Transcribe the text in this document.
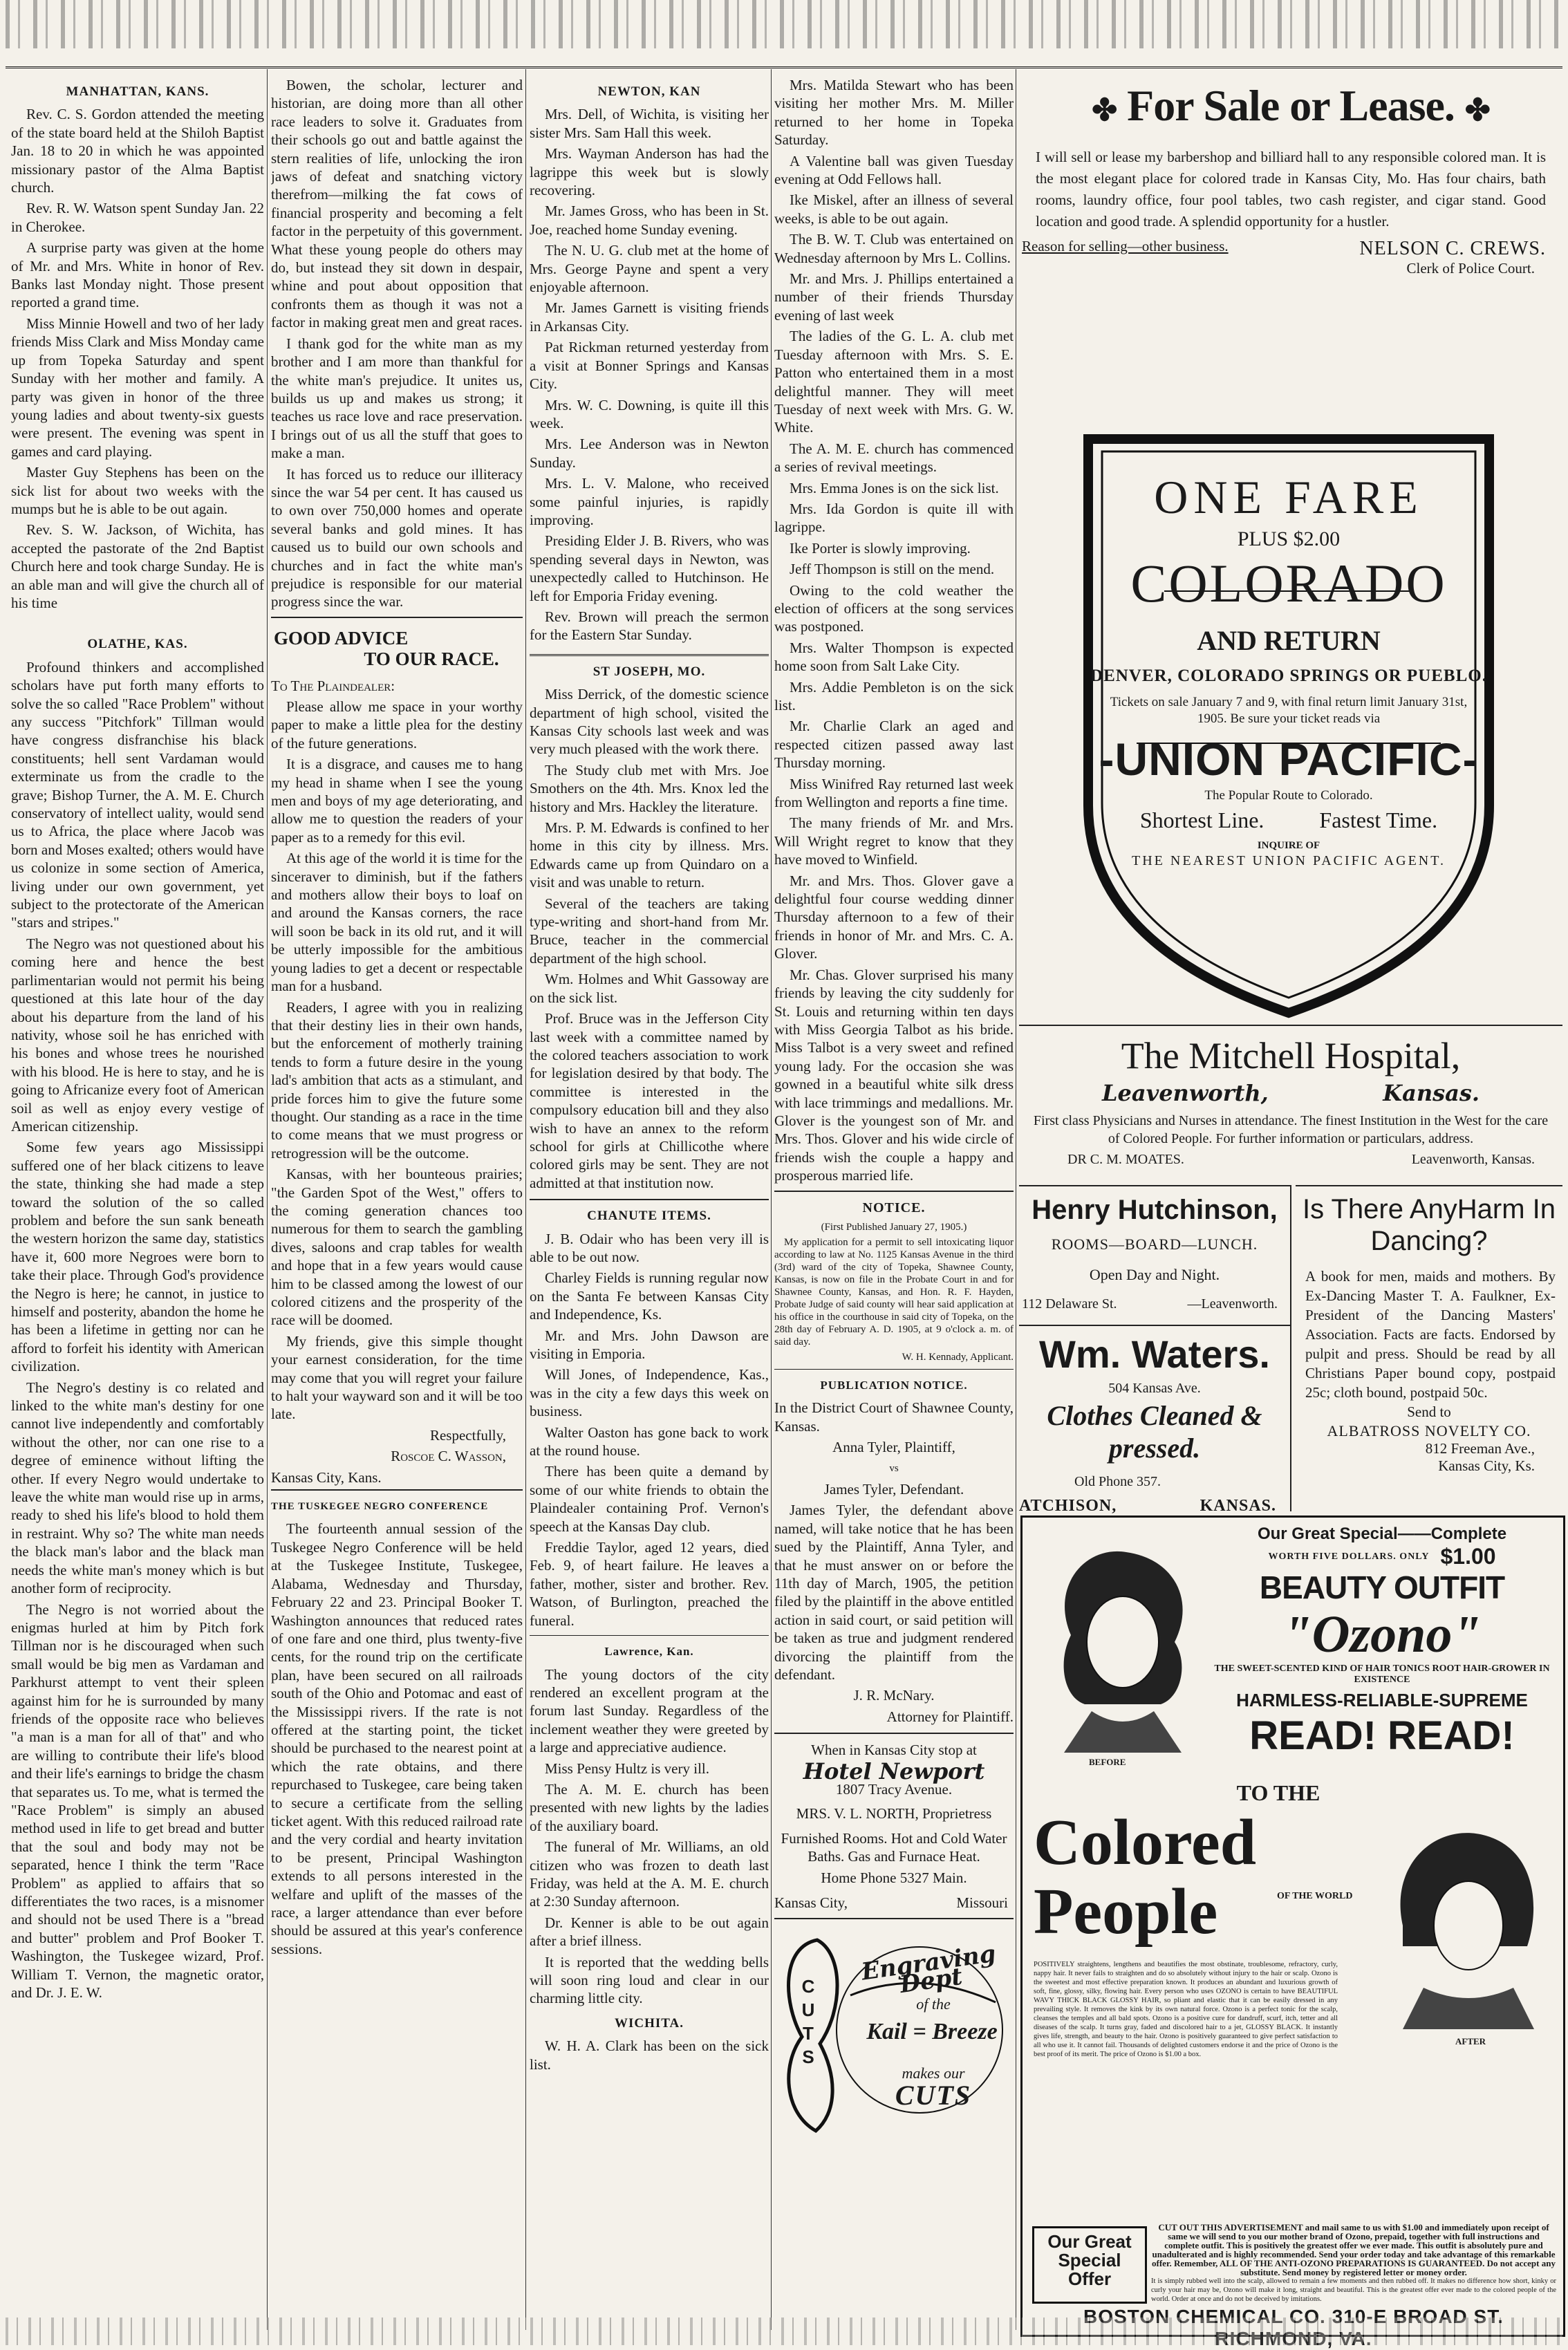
MANHATTAN, KANS.

Rev. C. S. Gordon attended the meeting of the state board held at the Shiloh Baptist Jan. 18 to 20 in which he was appointed missionary pastor of the Alma Baptist church.

Rev. R. W. Watson spent Sunday Jan. 22 in Cherokee.

A surprise party was given at the home of Mr. and Mrs. White in honor of Rev. Banks last Monday night. Those present reported a grand time.

Miss Minnie Howell and two of her lady friends Miss Clark and Miss Monday came up from Topeka Saturday and spent Sunday with her mother and family. A party was given in honor of the three young ladies and about twenty-six guests were present. The evening was spent in games and card playing.

Master Guy Stephens has been on the sick list for about two weeks with the mumps but he is able to be out again.

Rev. S. W. Jackson, of Wichita, has accepted the pastorate of the 2nd Baptist Church here and took charge Sunday. He is an able man and will give the church all of his time

OLATHE, KAS.

Profound thinkers and accomplished scholars have put forth many efforts to solve the so called "Race Problem" without any success "Pitchfork" Tillman would have congress disfranchise his black constituents; hell sent Vardaman would exterminate us from the cradle to the grave; Bishop Turner, the A. M. E. Church conservatory of intellect uality, would send us to Africa, the place where Jacob was born and Moses exalted; others would have us colonize in some section of America, living under our own government, yet subject to the protectorate of the American "stars and stripes."

The Negro was not questioned about his coming here and hence the best parlimentarian would not permit his being questioned at this late hour of the day about his departure from the land of his nativity, whose soil he has enriched with his bones and whose trees he nourished with his blood. He is here to stay, and he is going to Africanize every foot of American soil as well as enjoy every vestige of American citizenship.

Some few years ago Mississippi suffered one of her black citizens to leave the state, thinking she had made a step toward the solution of the so called problem and before the sun sank beneath the western horizon the same day, statistics have it, 600 more Negroes were born to take their place. Through God's providence the Negro is here; he cannot, in justice to himself and posterity, abandon the home he has been a lifetime in getting nor can he afford to forfeit his identity with American civilization.

The Negro's destiny is co related and linked to the white man's destiny for one cannot live independently and comfortably without the other, nor can one rise to a degree of eminence without lifting the other. If every Negro would undertake to leave the white man would rise up in arms, ready to shed his life's blood to hold them in restraint. Why so? The white man needs the black man's labor and the black man needs the white man's money which is but another form of reciprocity.

The Negro is not worried about the enigmas hurled at him by Pitch fork Tillman nor is he discouraged when such small would be big men as Vardaman and Parkhurst attempt to vent their spleen against him for he is surrounded by many friends of the opposite race who believes "a man is a man for all of that" and who are willing to contribute their life's blood and their life's earnings to bridge the chasm that separates us. To me, what is termed the "Race Problem" is simply an abused method used in life to get bread and butter that the soul and body may not be separated, hence I think the term "Race Problem" as applied to affairs that so differentiates the two races, is a misnomer and should not be used There is a "bread and butter" problem and Prof Booker T. Washington, the Tuskegee wizard, Prof. William T. Vernon, the magnetic orator, and Dr. J. E. W.

Bowen, the scholar, lecturer and historian, are doing more than all other race leaders to solve it. Graduates from their schools go out and battle against the stern realities of life, unlocking the iron jaws of defeat and snatching victory therefrom—milking the fat cows of financial prosperity and becoming a felt factor in the perpetuity of this government. What these young people do others may do, but instead they sit down in despair, whine and pout about opposition that confronts them as though it was not a factor in making great men and great races.

I thank god for the white man as my brother and I am more than thankful for the white man's prejudice. It unites us, builds us up and makes us strong; it teaches us race love and race preservation. I brings out of us all the stuff that goes to make a man.

It has forced us to reduce our illiteracy since the war 54 per cent. It has caused us to own over 750,000 homes and operate several banks and gold mines. It has caused us to build our own schools and churches and in fact the white man's prejudice is responsible for our material progress since the war.

GOOD ADVICE
TO OUR RACE.

To The Plaindealer:

Please allow me space in your worthy paper to make a little plea for the destiny of the future generations.

It is a disgrace, and causes me to hang my head in shame when I see the young men and boys of my age deteriorating, and allow me to question the readers of your paper as to a remedy for this evil.

At this age of the world it is time for the sinceraver to diminish, but if the fathers and mothers allow their boys to loaf on and around the Kansas corners, the race will soon be back in its old rut, and it will be utterly impossible for the ambitious young ladies to get a decent or respectable man for a husband.

Readers, I agree with you in realizing that their destiny lies in their own hands, but the enforcement of motherly training tends to form a future desire in the young lad's ambition that acts as a stimulant, and pride forces him to give the future some thought. Our standing as a race in the time to come means that we must progress or retrogression will be the outcome.

Kansas, with her bounteous prairies; "the Garden Spot of the West," offers to the coming generation chances too numerous for them to search the gambling dives, saloons and crap tables for wealth and hope that in a few years would cause him to be classed among the lowest of our colored citizens and the prosperity of the race will be doomed.

My friends, give this simple thought your earnest consideration, for the time may come that you will regret your failure to halt your wayward son and it will be too late.

Respectfully,

Roscoe C. Wasson,

Kansas City, Kans.

THE TUSKEGEE NEGRO CONFERENCE

The fourteenth annual session of the Tuskegee Negro Conference will be held at the Tuskegee Institute, Tuskegee, Alabama, Wednesday and Thursday, February 22 and 23. Principal Booker T. Washington announces that reduced rates of one fare and one third, plus twenty-five cents, for the round trip on the certificate plan, have been secured on all railroads south of the Ohio and Potomac and east of the Mississippi rivers. If the rate is not offered at the starting point, the ticket should be purchased to the nearest point at which the rate obtains, and there repurchased to Tuskegee, care being taken to secure a certificate from the selling ticket agent. With this reduced railroad rate and the very cordial and hearty invitation to be present, Principal Washington extends to all persons interested in the welfare and uplift of the masses of the race, a larger attendance than ever before should be assured at this year's conference sessions.

NEWTON, KAN

Mrs. Dell, of Wichita, is visiting her sister Mrs. Sam Hall this week.

Mrs. Wayman Anderson has had the lagrippe this week but is slowly recovering.

Mr. James Gross, who has been in St. Joe, reached home Sunday evening.

The N. U. G. club met at the home of Mrs. George Payne and spent a very enjoyable afternoon.

Mr. James Garnett is visiting friends in Arkansas City.

Pat Rickman returned yesterday from a visit at Bonner Springs and Kansas City.

Mrs. W. C. Downing, is quite ill this week.

Mrs. Lee Anderson was in Newton Sunday.

Mrs. L. V. Malone, who received some painful injuries, is rapidly improving.

Presiding Elder J. B. Rivers, who was spending several days in Newton, was unexpectedly called to Hutchinson. He left for Emporia Friday evening.

Rev. Brown will preach the sermon for the Eastern Star Sunday.

ST JOSEPH, MO.

Miss Derrick, of the domestic science department of high school, visited the Kansas City schools last week and was very much pleased with the work there.

The Study club met with Mrs. Joe Smothers on the 4th. Mrs. Knox led the history and Mrs. Hackley the literature.

Mrs. P. M. Edwards is confined to her home in this city by illness. Mrs. Edwards came up from Quindaro on a visit and was unable to return.

Several of the teachers are taking type-writing and short-hand from Mr. Bruce, teacher in the commercial department of the high school.

Wm. Holmes and Whit Gassoway are on the sick list.

Prof. Bruce was in the Jefferson City last week with a committee named by the colored teachers association to work for legislation desired by that body. The committee is interested in the compulsory education bill and they also wish to have an annex to the reform school for girls at Chillicothe where colored girls may be sent. They are not admitted at that institution now.

CHANUTE ITEMS.

J. B. Odair who has been very ill is able to be out now.

Charley Fields is running regular now on the Santa Fe between Kansas City and Independence, Ks.

Mr. and Mrs. John Dawson are visiting in Emporia.

Will Jones, of Independence, Kas., was in the city a few days this week on business.

Walter Oaston has gone back to work at the round house.

There has been quite a demand by some of our white friends to obtain the Plaindealer containing Prof. Vernon's speech at the Kansas Day club.

Freddie Taylor, aged 12 years, died Feb. 9, of heart failure. He leaves a father, mother, sister and brother. Rev. Watson, of Burlington, preached the funeral.

Lawrence, Kan.

The young doctors of the city rendered an excellent program at the forum last Sunday. Regardless of the inclement weather they were greeted by a large and appreciative audience.

Miss Pensy Hultz is very ill.

The A. M. E. church has been presented with new lights by the ladies of the auxiliary board.

The funeral of Mr. Williams, an old citizen who was frozen to death last Friday, was held at the A. M. E. church at 2:30 Sunday afternoon.

Dr. Kenner is able to be out again after a brief illness.

It is reported that the wedding bells will soon ring loud and clear in our charming little city.

WICHITA.

W. H. A. Clark has been on the sick list.

Mrs. Matilda Stewart who has been visiting her mother Mrs. M. Miller returned to her home in Topeka Saturday.

A Valentine ball was given Tuesday evening at Odd Fellows hall.

Ike Miskel, after an illness of several weeks, is able to be out again.

The B. W. T. Club was entertained on Wednesday afternoon by Mrs L. Collins.

Mr. and Mrs. J. Phillips entertained a number of their friends Thursday evening of last week

The ladies of the G. L. A. club met Tuesday afternoon with Mrs. S. E. Patton who entertained them in a most delightful manner. They will meet Tuesday of next week with Mrs. G. W. White.

The A. M. E. church has commenced a series of revival meetings.

Mrs. Emma Jones is on the sick list.

Mrs. Ida Gordon is quite ill with lagrippe.

Ike Porter is slowly improving.

Jeff Thompson is still on the mend.

Owing to the cold weather the election of officers at the song services was postponed.

Mrs. Walter Thompson is expected home soon from Salt Lake City.

Mrs. Addie Pembleton is on the sick list.

Mr. Charlie Clark an aged and respected citizen passed away last Thursday morning.

Miss Winifred Ray returned last week from Wellington and reports a fine time.

The many friends of Mr. and Mrs. Will Wright regret to know that they have moved to Winfield.

Mr. and Mrs. Thos. Glover gave a delightful four course wedding dinner Thursday afternoon to a few of their friends in honor of Mr. and Mrs. C. A. Glover.

Mr. Chas. Glover surprised his many friends by leaving the city suddenly for St. Louis and returning within ten days with Miss Georgia Talbot as his bride. Miss Talbot is a very sweet and refined young lady. For the occasion she was gowned in a beautiful white silk dress with lace trimmings and medallions. Mr. Glover is the youngest son of Mr. and Mrs. Thos. Glover and his wide circle of friends wish the couple a happy and prosperous married life.

NOTICE.

(First Published January 27, 1905.)

My application for a permit to sell intoxicating liquor according to law at No. 1125 Kansas Avenue in the third (3rd) ward of the city of Topeka, Shawnee County, Kansas, is now on file in the Probate Court in and for Shawnee County, Kansas, and Hon. R. F. Hayden, Probate Judge of said county will hear said application at his office in the courthouse in said city of Topeka, on the 28th day of February A. D. 1905, at 9 o'clock a. m. of said day.

W. H. Kennady, Applicant.

PUBLICATION NOTICE.

In the District Court of Shawnee County, Kansas.

Anna Tyler, Plaintiff,

vs

James Tyler, Defendant.

James Tyler, the defendant above named, will take notice that he has been sued by the Plaintiff, Anna Tyler, and that he must answer on or before the 11th day of March, 1905, the petition filed by the plaintiff in the above entitled action in said court, or said petition will be taken as true and judgment rendered divorcing the plaintiff from the defendant.

J. R. McNary.

Attorney for Plaintiff.

When in Kansas City stop at

Hotel Newport

1807 Tracy Avenue.

MRS. V. L. NORTH, Proprietress

Furnished Rooms. Hot and Cold Water Baths. Gas and Furnace Heat.

Home Phone 5327 Main.

Kansas City,	Missouri
CUTS
Engraving Dept
of the
Kail = Breeze
makes our
CUTS
✤ For Sale or Lease. ✤

I will sell or lease my barbershop and billiard hall to any responsible colored man. It is the most elegant place for colored trade in Kansas City, Mo. Has four chairs, bath rooms, laundry office, four pool tables, two cash register, and cigar stand. Good location and good trade. A splendid opportunity for a hustler.

Reason for selling—other business.	NELSON C. CREWS.

Clerk of Police Court.

ONE FARE
PLUS $2.00
COLORADO
AND RETURN
DENVER, COLORADO SPRINGS OR PUEBLO.
Tickets on sale January 7 and 9, with final return limit January 31st, 1905. Be sure your ticket reads via
-UNION PACIFIC-
The Popular Route to Colorado.
Shortest Line.	Fastest Time.
INQUIRE OF
THE NEAREST UNION PACIFIC AGENT.
The Mitchell Hospital,
Leavenworth,	Kansas.
First class Physicians and Nurses in attendance. The finest Institution in the West for the care of Colored People. For further information or particulars, address.
DR C. M. MOATES.	Leavenworth, Kansas.
Henry Hutchinson,
ROOMS—BOARD—LUNCH.
Open Day and Night.
112 Delaware St.	—Leavenworth.
Wm. Waters.
504 Kansas Ave.
Clothes Cleaned & pressed.
Old Phone 357.
ATCHISON,	KANSAS.
Is There AnyHarm In Dancing?
A book for men, maids and mothers. By Ex-Dancing Master T. A. Faulkner, Ex-President of the Dancing Masters' Association. Facts are facts. Endorsed by pulpit and press. Should be read by all Christians Paper bound copy, postpaid 25c; cloth bound, postpaid 50c.
Send to
ALBATROSS NOVELTY CO.
812 Freeman Ave.,
Kansas City, Ks.
BEFORE
AFTER
Our Great Special——Complete
WORTH FIVE DOLLARS. ONLY $1.00
BEAUTY OUTFIT
"Ozono"
THE SWEET-SCENTED KIND OF HAIR TONICS ROOT HAIR-GROWER IN EXISTENCE
HARMLESS-RELIABLE-SUPREME
READ! READ!
TO THE
Colored
People	OF THE WORLD
POSITIVELY straightens, lengthens and beautifies the most obstinate, troublesome, refractory, curly, nappy hair. It never fails to straighten and do so absolutely without injury to the hair or scalp. Ozono is the sweetest and most effective preparation known. It produces an abundant and luxurious growth of soft, fine, glossy, silky, flowing hair. Every person who uses OZONO is certain to have BEAUTIFUL WAVY THICK BLACK GLOSSY HAIR, so pliant and elastic that it can be easily dressed in any prevailing style. It removes the kink by its own natural force. Ozono is a perfect tonic for the scalp, cleanses the temples and all bald spots. Ozono is a positive cure for dandruff, scurf, itch, tetter and all diseases of the scalp. It turns gray, faded and discolored hair to a jet, GLOSSY BLACK. It instantly gives life, strength, and beauty to the hair. Ozono is positively guaranteed to give perfect satisfaction to all who use it. It cannot fail. Thousands of delighted customers endorse it and the price of Ozono is the best proof of its merit. The price of Ozono is $1.00 a box.
Our Great Special Offer
CUT OUT THIS ADVERTISEMENT and mail same to us with $1.00 and immediately upon receipt of same we will send to you our mother brand of Ozono, prepaid, together with full instructions and complete outfit. This is positively the greatest offer we ever made. This outfit is absolutely pure and unadulterated and is highly recommended. Send your order today and take advantage of this remarkable offer. Remember, ALL OF THE ANTI-OZONO PREPARATIONS IS GUARANTEED. Do not accept any substitute. Send money by registered letter or money order.
It is simply rubbed well into the scalp, allowed to remain a few moments and then rubbed off. It makes no difference how short, kinky or curly your hair may be, Ozono will make it long, straight and beautiful. This is the greatest offer ever made to the colored people of the world. Order at once and do not be deceived by imitations.
BOSTON CHEMICAL CO. 310-E BROAD ST. RICHMOND, VA.
